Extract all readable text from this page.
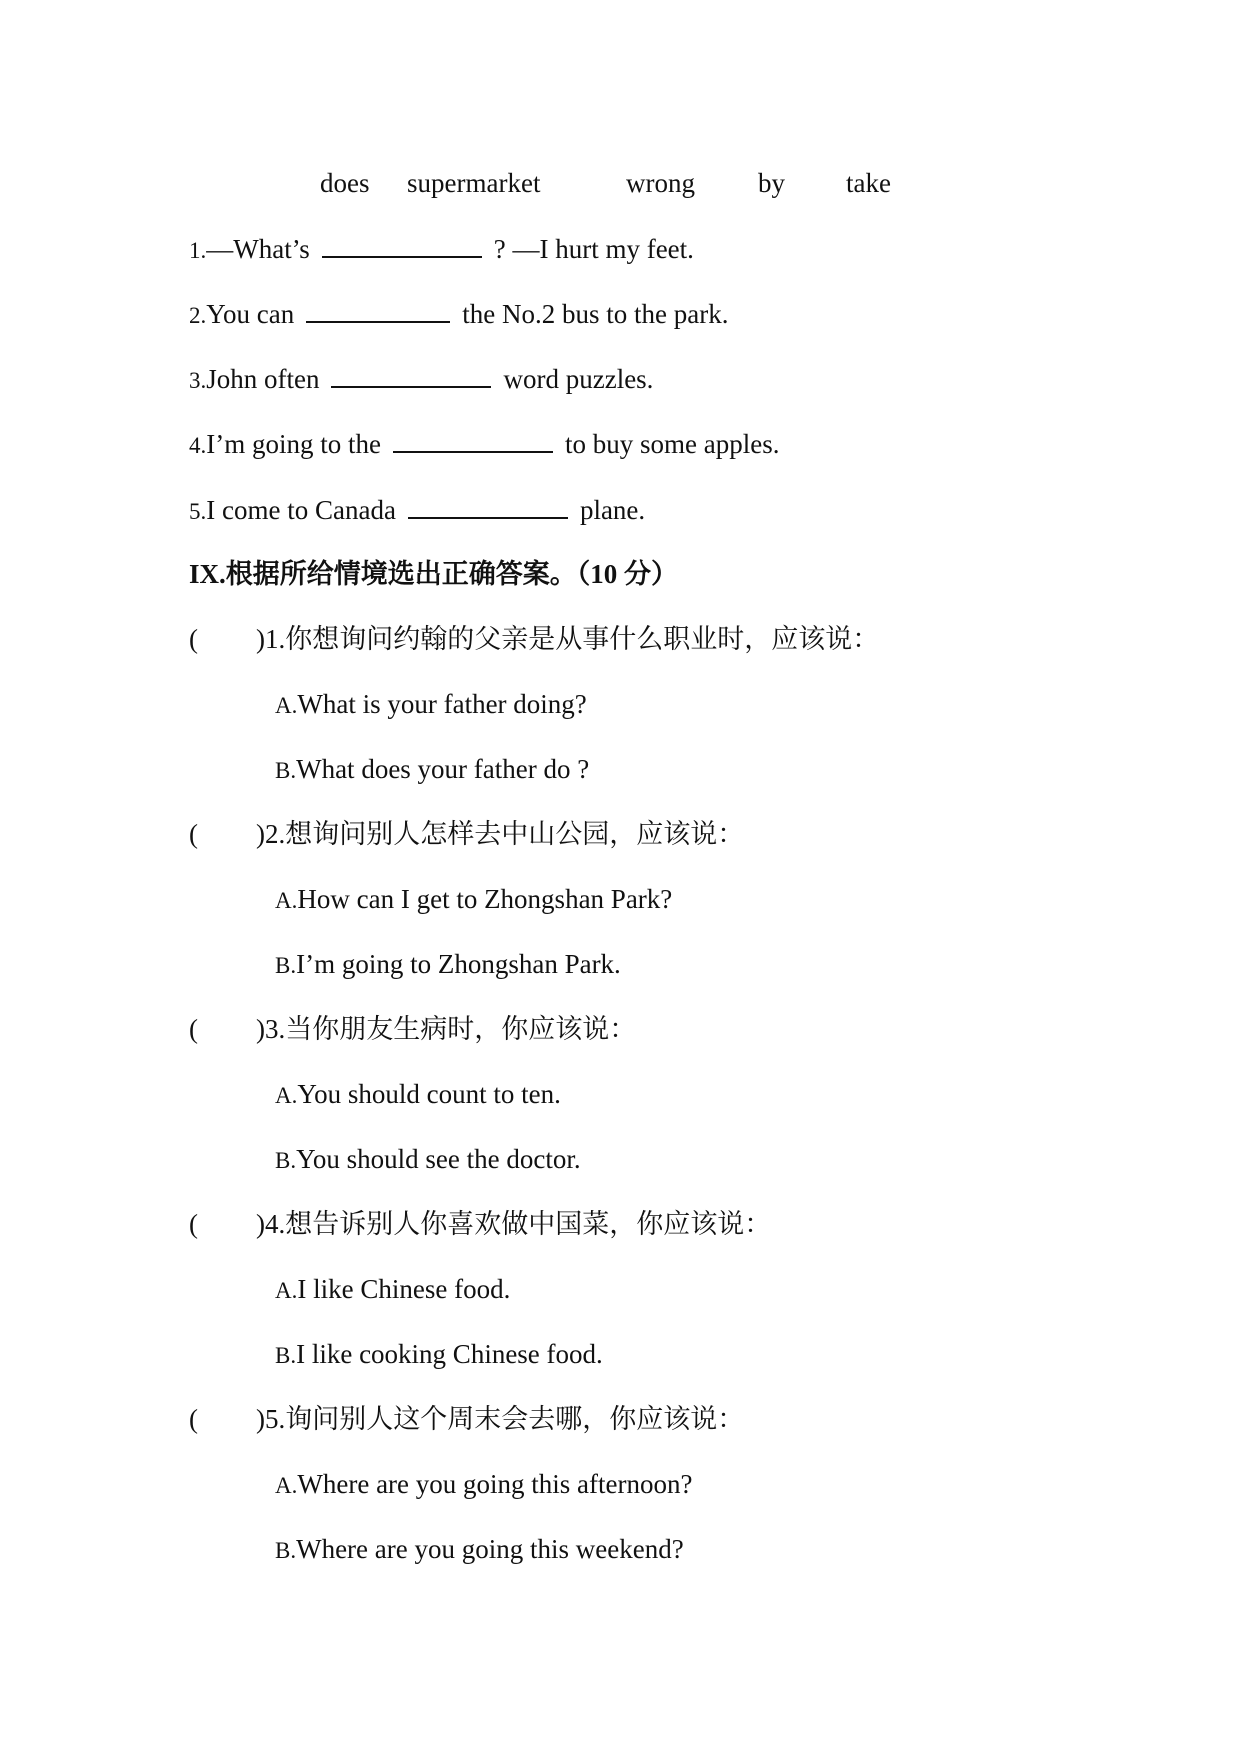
does supermarket	wrong by take
1.—What’s	? —I hurt my feet.
2.You can	the No.2 bus to the park.
3.John often	word puzzles.
4.I’m going to the	to buy some apples.
5.I come to Canada	plane.
IX.根据所给情境选出正确答案。（10 分）
( )1.你想询问约翰的父亲是从事什么职业时，应该说：
A.What is your father doing?
B.What does your father do ?
( )2.想询问别人怎样去中山公园，应该说：
A.How can I get to Zhongshan Park?
B.I’m going to Zhongshan Park.
( )3.当你朋友生病时，你应该说：
A.You should count to ten.
B.You should see the doctor.
( )4.想告诉别人你喜欢做中国菜，你应该说：
A.I like Chinese food.
B.I like cooking Chinese food.
( )5.询问别人这个周末会去哪，你应该说：
A.Where are you going this afternoon?
B.Where are you going this weekend?
